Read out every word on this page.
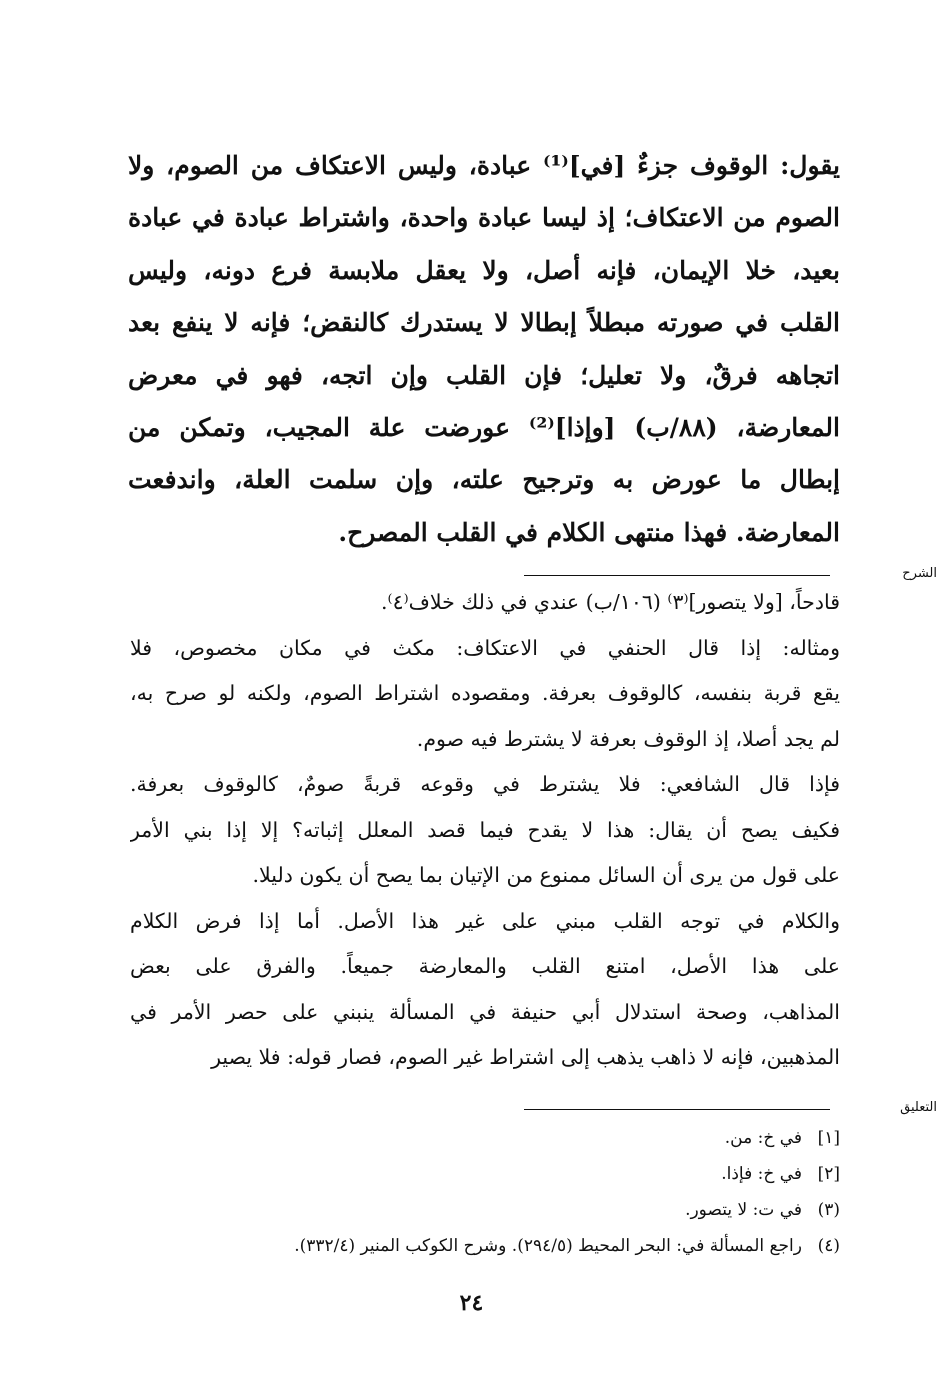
يقول: الوقوف جزءٌ [في]⁽¹⁾ عبادة، وليس الاعتكاف من الصوم، ولا
الصوم من الاعتكاف؛ إذ ليسا عبادة واحدة، واشتراط عبادة في عبادة
بعيد، خلا الإيمان، فإنه أصل، ولا يعقل ملابسة فرع دونه، وليس
القلب في صورته مبطلاً إبطالا لا يستدرك كالنقض؛ فإنه لا ينفع بعد
اتجاهه فرقٌ، ولا تعليل؛ فإن القلب وإن اتجه، فهو في معرض
المعارضة، (٨٨/ب) [وإذا]⁽²⁾ عورضت علة المجيب، وتمكن من
إبطال ما عورض به وترجيح علته، وإن سلمت العلة، واندفعت
المعارضة. فهذا منتهى الكلام في القلب المصرح.
الشرح
قادحاً، [ولا يتصور]⁽٣⁾ (١٠٦/ب) عندي في ذلك خلاف⁽٤⁾.
ومثاله: إذا قال الحنفي في الاعتكاف: مكث في مكان مخصوص، فلا
يقع قربة بنفسه، كالوقوف بعرفة. ومقصوده اشتراط الصوم، ولكنه لو صرح به،
لم يجد أصلا، إذ الوقوف بعرفة لا يشترط فيه صوم.
فإذا قال الشافعي: فلا يشترط في وقوعه قربةً صومٌ، كالوقوف بعرفة.
فكيف يصح أن يقال: هذا لا يقدح فيما قصد المعلل إثباته؟ إلا إذا بني الأمر
على قول من يرى أن السائل ممنوع من الإتيان بما يصح أن يكون دليلا.
والكلام في توجه القلب مبني على غير هذا الأصل. أما إذا فرض الكلام
على هذا الأصل، امتنع القلب والمعارضة جميعاً. والفرق على بعض
المذاهب، وصحة استدلال أبي حنيفة في المسألة ينبني على حصر الأمر في
المذهبين، فإنه لا ذاهب يذهب إلى اشتراط غير الصوم، فصار قوله: فلا يصير
التعليق
[١]في خ: من.
[٢]في خ: فإذا.
(٣)في ت: لا يتصور.
(٤)راجع المسألة في: البحر المحيط (٢٩٤/٥). وشرح الكوكب المنير (٣٣٢/٤).
٢٤
